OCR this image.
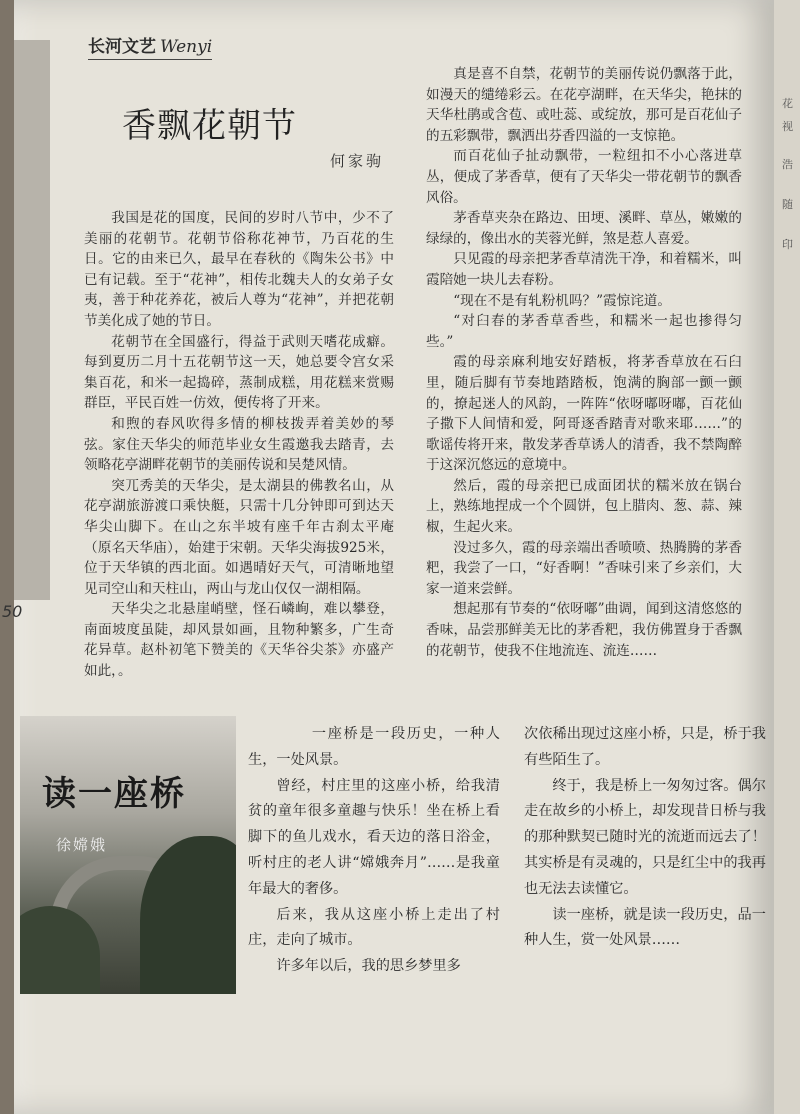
50
花
视
浩
随
印
长河文艺 Wenyi
香飘花朝节
何家驹

我国是花的国度，民间的岁时八节中，少不了美丽的花朝节。花朝节俗称花神节，乃百花的生日。它的由来已久，最早在春秋的《陶朱公书》中已有记载。至于“花神”，相传北魏夫人的女弟子女夷，善于种花养花，被后人尊为“花神”，并把花朝节美化成了她的节日。

花朝节在全国盛行，得益于武则天嗜花成癖。每到夏历二月十五花朝节这一天，她总要令宫女采集百花，和米一起捣碎，蒸制成糕，用花糕来赏赐群臣，平民百姓一仿效，便传将了开来。

和煦的春风吹得多情的柳枝拨弄着美妙的琴弦。家住天华尖的师范毕业女生霞邀我去踏青，去领略花亭湖畔花朝节的美丽传说和吴楚风情。

突兀秀美的天华尖，是太湖县的佛教名山，从花亭湖旅游渡口乘快艇，只需十几分钟即可到达天华尖山脚下。在山之东半坡有座千年古刹太平庵（原名天华庙），始建于宋朝。天华尖海拔925米，位于天华镇的西北面。如遇晴好天气，可清晰地望见司空山和天柱山，两山与龙山仅仅一湖相隔。

天华尖之北悬崖峭壁，怪石嶙峋，难以攀登，南面坡度虽陡，却风景如画，且物种繁多，广生奇花异草。赵朴初笔下赞美的《天华谷尖茶》亦盛产如此，。

真是喜不自禁，花朝节的美丽传说仍飘落于此，如漫天的缱绻彩云。在花亭湖畔，在天华尖，艳抹的天华杜鹃或含苞、或吐蕊、或绽放，那可是百花仙子的五彩飘带，飘洒出芬香四溢的一支惊艳。

而百花仙子扯动飘带，一粒纽扣不小心落进草丛，便成了茅香草，便有了天华尖一带花朝节的飘香风俗。

茅香草夹杂在路边、田埂、溪畔、草丛，嫩嫩的绿绿的，像出水的芙蓉光鲜，煞是惹人喜爱。

只见霞的母亲把茅香草清洗干净，和着糯米，叫霞陪她一块儿去春粉。

“现在不是有轧粉机吗？”霞惊诧道。

“对臼春的茅香草香些，和糯米一起也掺得匀些。”

霞的母亲麻利地安好踏板，将茅香草放在石臼里，随后脚有节奏地踏踏板，饱满的胸部一颤一颤的，撩起迷人的风韵，一阵阵“依呀嘟呀嘟，百花仙子撒下人间情和爱，阿哥逐香踏青对歌来耶……”的歌谣传将开来，散发茅香草诱人的清香，我不禁陶醉于这深沉悠远的意境中。

然后，霞的母亲把已成面团状的糯米放在锅台上，熟练地捏成一个个圆饼，包上腊肉、葱、蒜、辣椒，生起火来。

没过多久，霞的母亲端出香喷喷、热腾腾的茅香粑，我尝了一口，“好香啊！”香味引来了乡亲们，大家一道来尝鲜。

想起那有节奏的“依呀嘟”曲调，闻到这清悠悠的香味，品尝那鲜美无比的茅香粑，我仿佛置身于香飘的花朝节，使我不住地流连、流连……

读一座桥
徐嫦娥

一座桥是一段历史，一种人生，一处风景。

曾经，村庄里的这座小桥，给我清贫的童年很多童趣与快乐！坐在桥上看脚下的鱼儿戏水，看天边的落日浴金，听村庄的老人讲“嫦娥奔月”……是我童年最大的奢侈。

后来，我从这座小桥上走出了村庄，走向了城市。

许多年以后，我的思乡梦里多

次依稀出现过这座小桥，只是，桥于我有些陌生了。

终于，我是桥上一匆匆过客。偶尔走在故乡的小桥上，却发现昔日桥与我的那种默契已随时光的流逝而远去了！其实桥是有灵魂的，只是红尘中的我再也无法去读懂它。

读一座桥，就是读一段历史，品一种人生，赏一处风景……
